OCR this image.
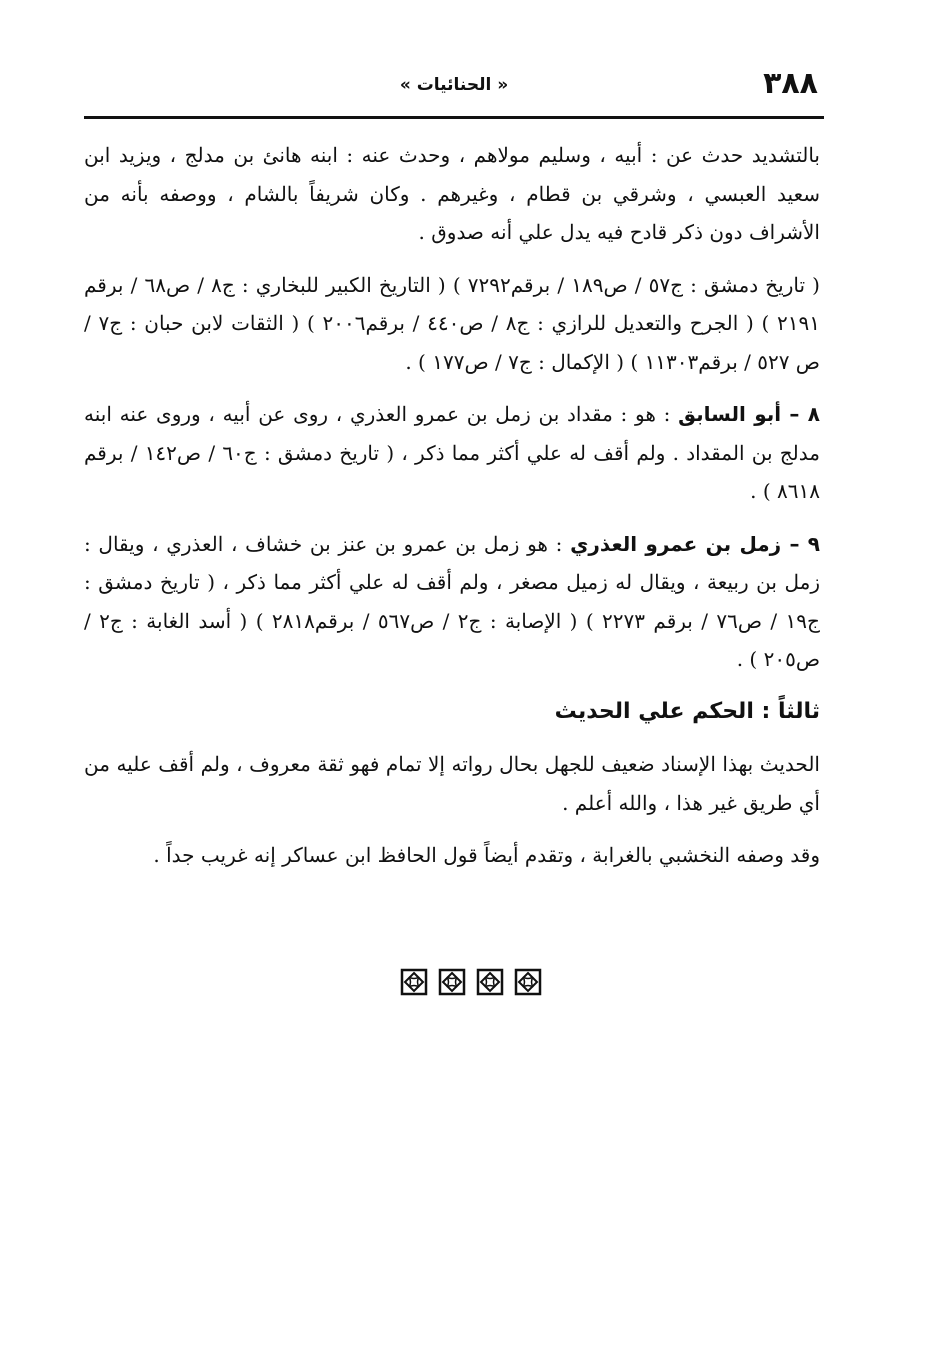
٣٨٨
« الحنائيات »

بالتشديد حدث عن : أبيه ، وسليم مولاهم ، وحدث عنه : ابنه هانئ بن مدلج ، ويزيد ابن سعيد العبسي ، وشرقي بن قطام ، وغيرهم . وكان شريفاً بالشام ، ووصفه بأنه من الأشراف دون ذكر قادح فيه يدل علي أنه صدوق .

( تاريخ دمشق : ج٥٧ / ص١٨٩ / برقم٧٢٩٢ ) ( التاريخ الكبير للبخاري : ج٨ / ص٦٨ / برقم ٢١٩١ ) ( الجرح والتعديل للرازي : ج٨ / ص٤٤٠ / برقم٢٠٠٦ ) ( الثقات لابن حبان : ج٧ / ص ٥٢٧ / برقم١١٣٠٣ ) ( الإكمال : ج٧ / ص١٧٧ ) .

٨ – أبو السابق : هو : مقداد بن زمل بن عمرو العذري ، روى عن أبيه ، وروى عنه ابنه مدلج بن المقداد . ولم أقف له علي أكثر مما ذكر ، ( تاريخ دمشق : ج٦٠ / ص١٤٢ / برقم ٨٦١٨ ) .

٩ – زمل بن عمرو العذري : هو زمل بن عمرو بن عنز بن خشاف ، العذري ، ويقال : زمل بن ربيعة ، ويقال له زميل مصغر ، ولم أقف له علي أكثر مما ذكر ، ( تاريخ دمشق : ج١٩ / ص٧٦ / برقم ٢٢٧٣ ) ( الإصابة : ج٢ / ص٥٦٧ / برقم٢٨١٨ ) ( أسد الغابة : ج٢ / ص٢٠٥ ) .

ثالثاً : الحكم علي الحديث

الحديث بهذا الإسناد ضعيف للجهل بحال رواته إلا تمام فهو ثقة معروف ، ولم أقف عليه من أي طريق غير هذا ، والله أعلم .

وقد وصفه النخشبي بالغرابة ، وتقدم أيضاً قول الحافظ ابن عساكر إنه غريب جداً .
